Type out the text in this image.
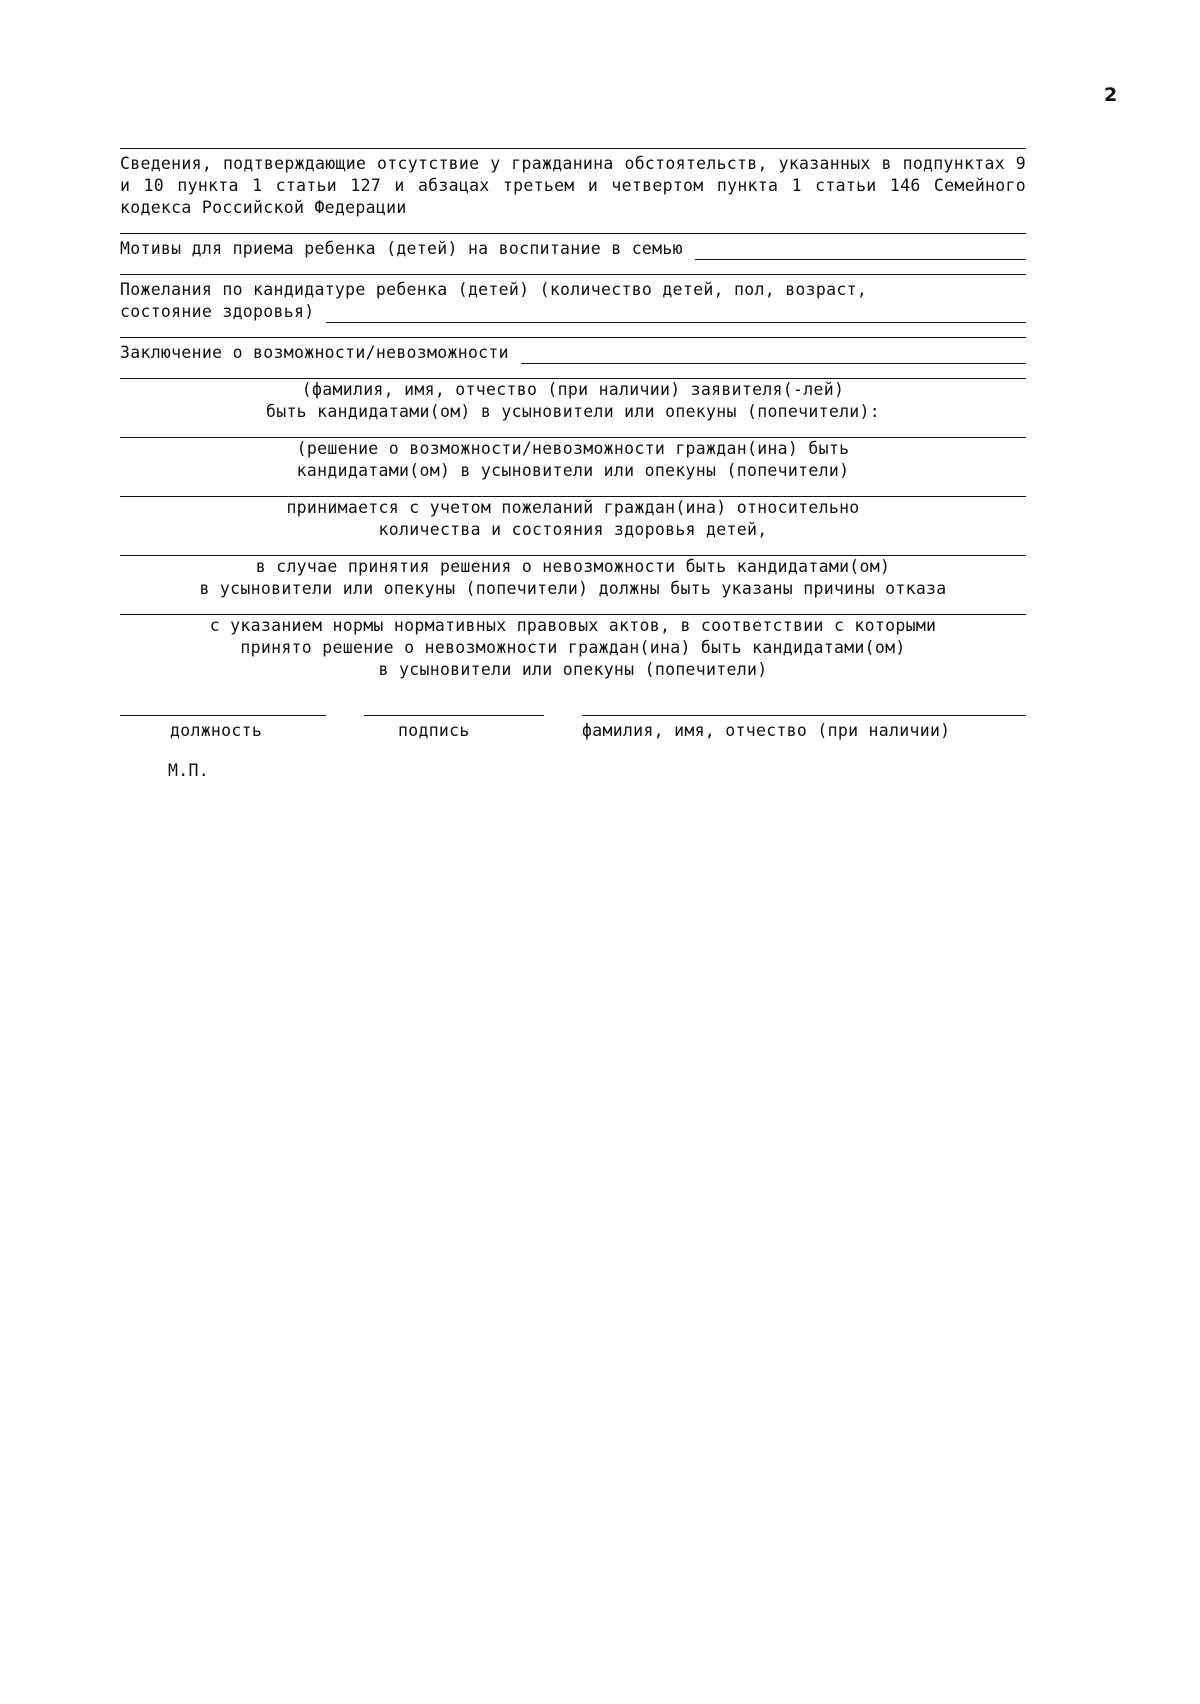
2
Сведения, подтверждающие отсутствие у гражданина обстоятельств, указанных в подпунктах 9 и 10 пункта 1 статьи 127 и абзацах третьем и четвертом пункта 1 статьи 146 Семейного кодекса Российской Федерации
Мотивы для приема ребенка (детей) на воспитание в семью
Пожелания по кандидатуре ребенка (детей) (количество детей, пол, возраст,
состояние здоровья)
Заключение о возможности/невозможности
(фамилия, имя, отчество (при наличии) заявителя(-лей)
быть кандидатами(ом) в усыновители или опекуны (попечители):
(решение о возможности/невозможности граждан(ина) быть
кандидатами(ом) в усыновители или опекуны (попечители)
принимается с учетом пожеланий граждан(ина) относительно
количества и состояния здоровья детей,
в случае принятия решения о невозможности быть кандидатами(ом)
в усыновители или опекуны (попечители) должны быть указаны причины отказа
с указанием нормы нормативных правовых актов, в соответствии с которыми
принято решение о невозможности граждан(ина) быть кандидатами(ом)
в усыновители или опекуны (попечители)
должность	подпись	фамилия, имя, отчество (при наличии)
М.П.
